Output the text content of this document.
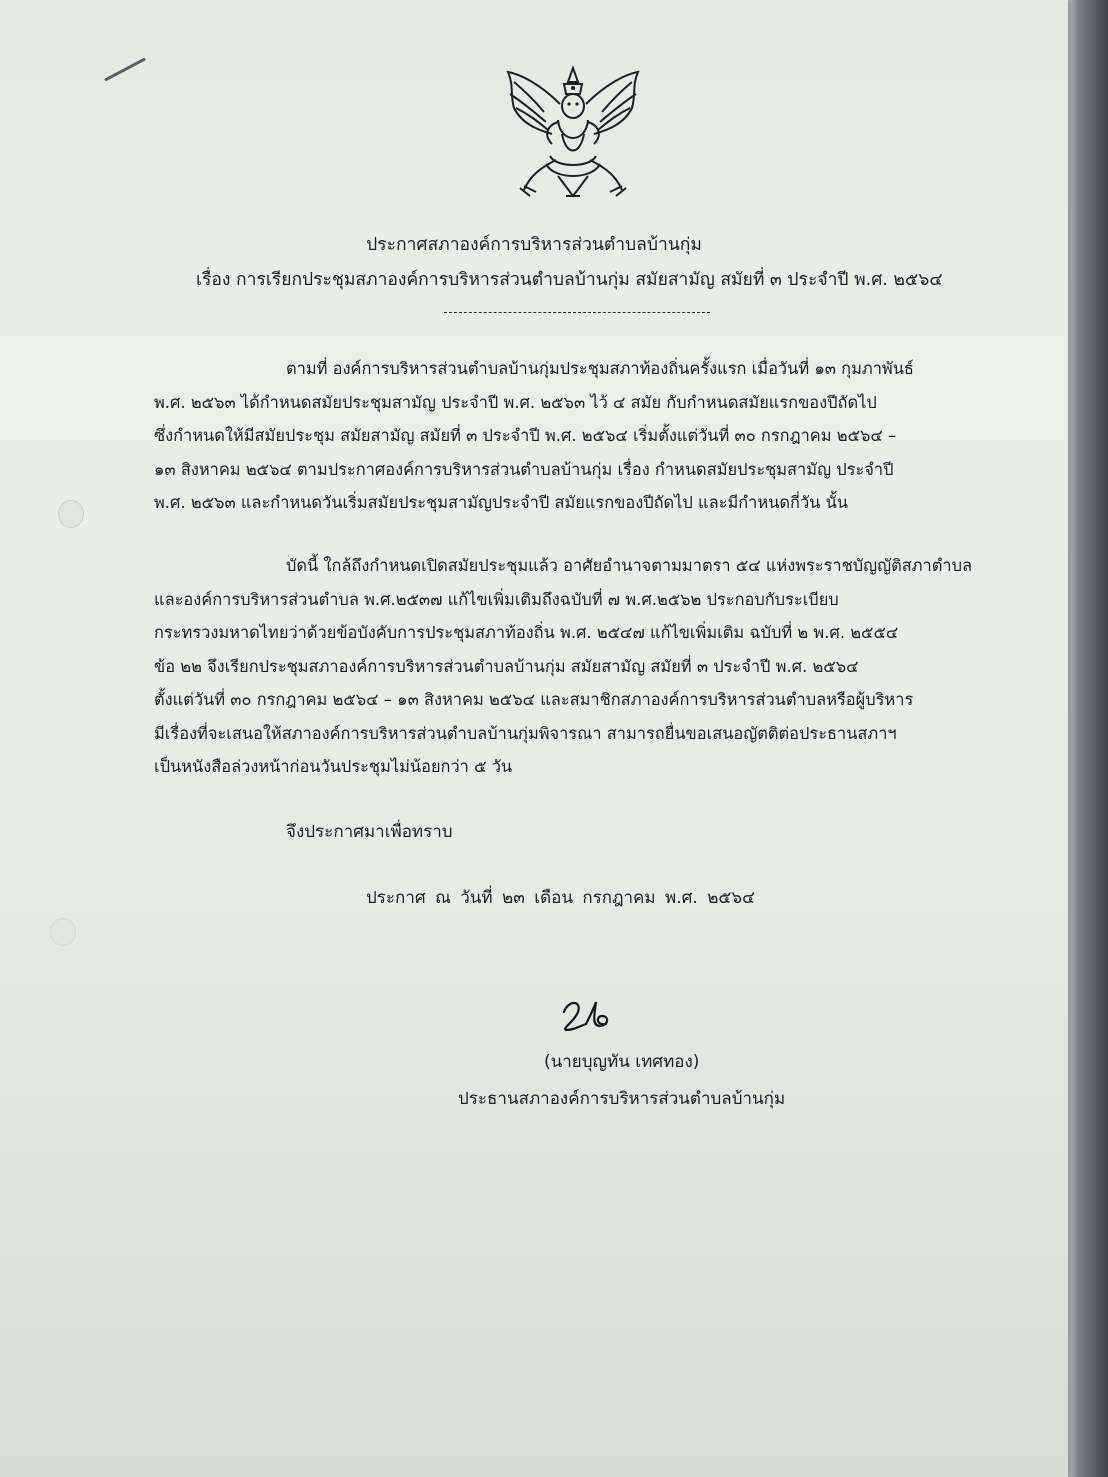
ประกาศสภาองค์การบริหารส่วนตำบลบ้านกุ่ม
เรื่อง การเรียกประชุมสภาองค์การบริหารส่วนตำบลบ้านกุ่ม สมัยสามัญ สมัยที่ ๓ ประจำปี พ.ศ. ๒๕๖๔
ตามที่ องค์การบริหารส่วนตำบลบ้านกุ่มประชุมสภาท้องถิ่นครั้งแรก เมื่อวันที่ ๑๓ กุมภาพันธ์
พ.ศ. ๒๕๖๓ ได้กำหนดสมัยประชุมสามัญ ประจำปี พ.ศ. ๒๕๖๓ ไว้ ๔ สมัย กับกำหนดสมัยแรกของปีถัดไป
ซึ่งกำหนดให้มีสมัยประชุม สมัยสามัญ สมัยที่ ๓ ประจำปี พ.ศ. ๒๕๖๔ เริ่มตั้งแต่วันที่ ๓๐ กรกฎาคม ๒๕๖๔ –
๑๓ สิงหาคม ๒๕๖๔ ตามประกาศองค์การบริหารส่วนตำบลบ้านกุ่ม เรื่อง กำหนดสมัยประชุมสามัญ ประจำปี
พ.ศ. ๒๕๖๓ และกำหนดวันเริ่มสมัยประชุมสามัญประจำปี สมัยแรกของปีถัดไป และมีกำหนดกี่วัน นั้น
บัดนี้ ใกล้ถึงกำหนดเปิดสมัยประชุมแล้ว อาศัยอำนาจตามมาตรา ๕๔ แห่งพระราชบัญญัติสภาตำบล
และองค์การบริหารส่วนตำบล พ.ศ.๒๕๓๗ แก้ไขเพิ่มเติมถึงฉบับที่ ๗ พ.ศ.๒๕๖๒ ประกอบกับระเบียบ
กระทรวงมหาดไทยว่าด้วยข้อบังคับการประชุมสภาท้องถิ่น พ.ศ. ๒๕๔๗ แก้ไขเพิ่มเติม ฉบับที่ ๒ พ.ศ. ๒๕๕๔
ข้อ ๒๒ จึงเรียกประชุมสภาองค์การบริหารส่วนตำบลบ้านกุ่ม สมัยสามัญ สมัยที่ ๓ ประจำปี พ.ศ. ๒๕๖๔
ตั้งแต่วันที่ ๓๐ กรกฎาคม ๒๕๖๔ – ๑๓ สิงหาคม ๒๕๖๔ และสมาชิกสภาองค์การบริหารส่วนตำบลหรือผู้บริหาร
มีเรื่องที่จะเสนอให้สภาองค์การบริหารส่วนตำบลบ้านกุ่มพิจารณา สามารถยื่นขอเสนอญัตติต่อประธานสภาฯ
เป็นหนังสือล่วงหน้าก่อนวันประชุมไม่น้อยกว่า ๕ วัน
จึงประกาศมาเพื่อทราบ
ประกาศ ณ วันที่ ๒๓ เดือน กรกฎาคม พ.ศ. ๒๕๖๔
(นายบุญทัน เทศทอง)
ประธานสภาองค์การบริหารส่วนตำบลบ้านกุ่ม
